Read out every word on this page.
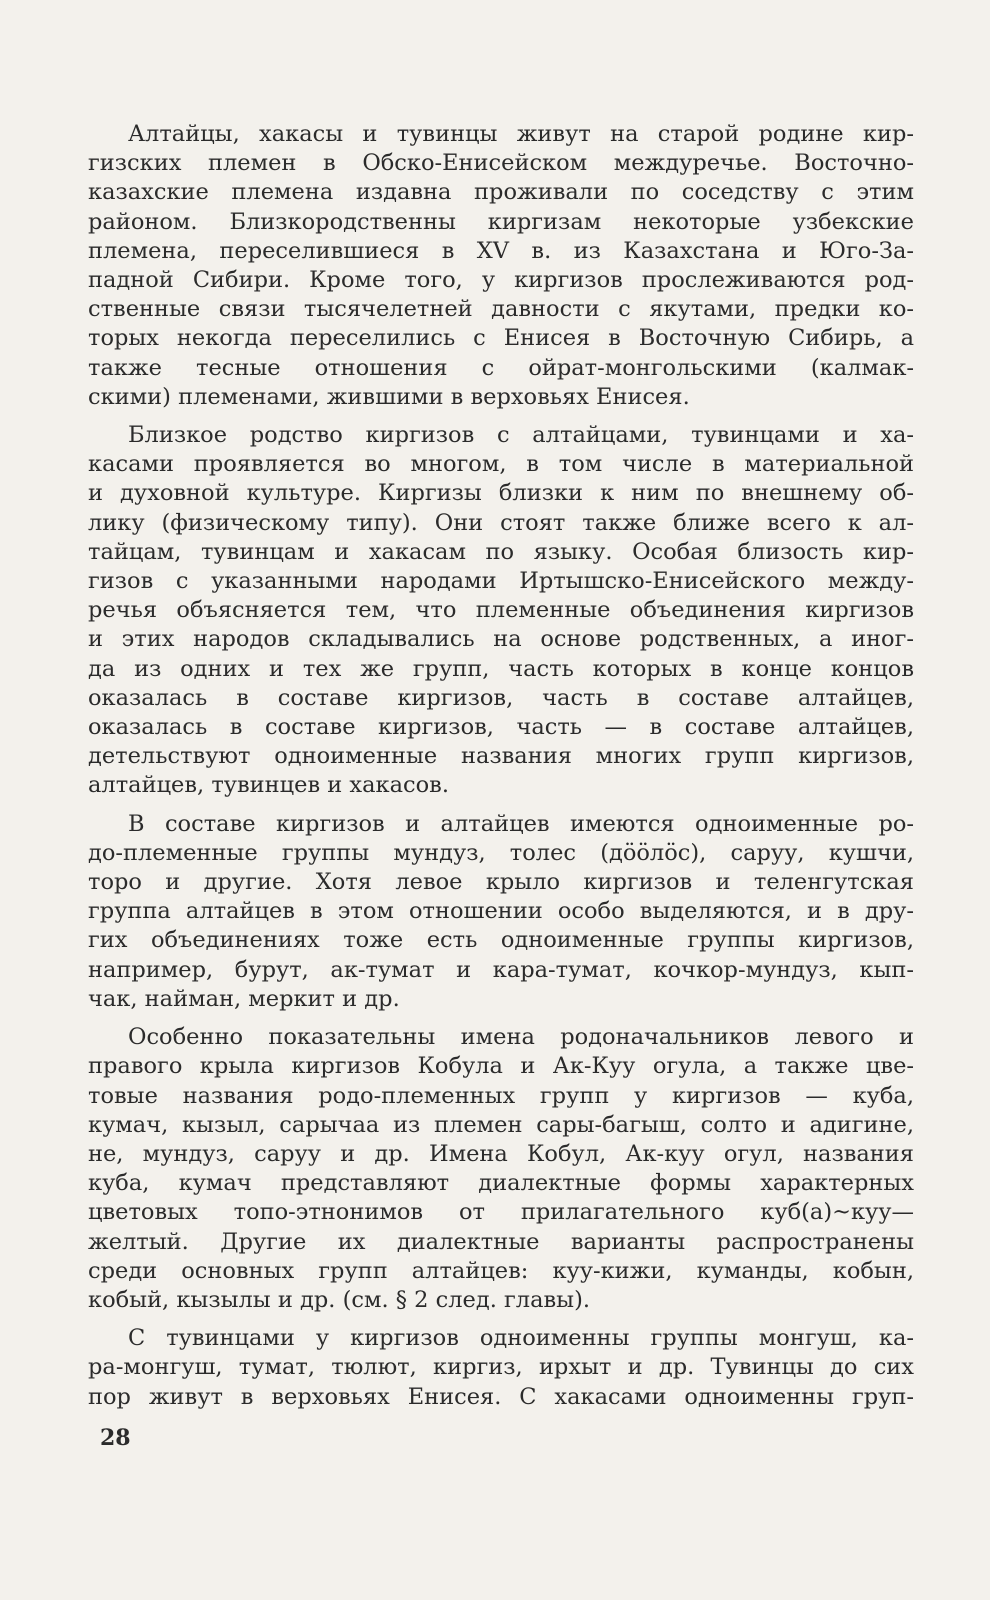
Алтайцы, хакасы и тувинцы живут на старой родине кир-
гизских племен в Обско-Енисейском междуречье. Восточно-
казахские племена издавна проживали по соседству с этим
районом. Близкородственны киргизам некоторые узбекские
племена, переселившиеся в XV в. из Казахстана и Юго-За-
падной Сибири. Кроме того, у киргизов прослеживаются род-
ственные связи тысячелетней давности с якутами, предки ко-
торых некогда переселились с Енисея в Восточную Сибирь, а
также тесные отношения с ойрат-монгольскими (калмак-
скими) племенами, жившими в верховьях Енисея.
Близкое родство киргизов с алтайцами, тувинцами и ха-
касами проявляется во многом, в том числе в материальной
и духовной культуре. Киргизы близки к ним по внешнему об-
лику (физическому типу). Они стоят также ближе всего к ал-
тайцам, тувинцам и хакасам по языку. Особая близость кир-
гизов с указанными народами Иртышско-Енисейского между-
речья объясняется тем, что племенные объединения киргизов
и этих народов складывались на основе родственных, а иног-
да из одних и тех же групп, часть которых в конце концов
оказалась в составе киргизов, часть в составе алтайцев,
оказалась в составе киргизов, часть — в составе алтайцев,
детельствуют одноименные названия многих групп киргизов,
алтайцев, тувинцев и хакасов.
В составе киргизов и алтайцев имеются одноименные ро-
до-племенные группы мундуз, толес (дӧӧлӧс), саруу, кушчи,
торо и другие. Хотя левое крыло киргизов и теленгутская
группа алтайцев в этом отношении особо выделяются, и в дру-
гих объединениях тоже есть одноименные группы киргизов,
например, бурут, ак-тумат и кара-тумат, кочкор-мундуз, кып-
чак, найман, меркит и др.
Особенно показательны имена родоначальников левого и
правого крыла киргизов Кобула и Ак-Куу огула, а также цве-
товые названия родо-племенных групп у киргизов — куба,
кумач, кызыл, сарычаа из племен сары-багыш, солто и адигине,
не, мундуз, саруу и др. Имена Кобул, Ак-куу огул, названия
куба, кумач представляют диалектные формы характерных
цветовых топо-этнонимов от прилагательного куб(а)~куу—
желтый. Другие их диалектные варианты распространены
среди основных групп алтайцев: куу-кижи, куманды, кобын,
кобый, кызылы и др. (см. § 2 след. главы).
С тувинцами у киргизов одноименны группы монгуш, ка-
ра-монгуш, тумат, тюлют, киргиз, ирхыт и др. Тувинцы до сих
пор живут в верховьях Енисея. С хакасами одноименны груп-
28
